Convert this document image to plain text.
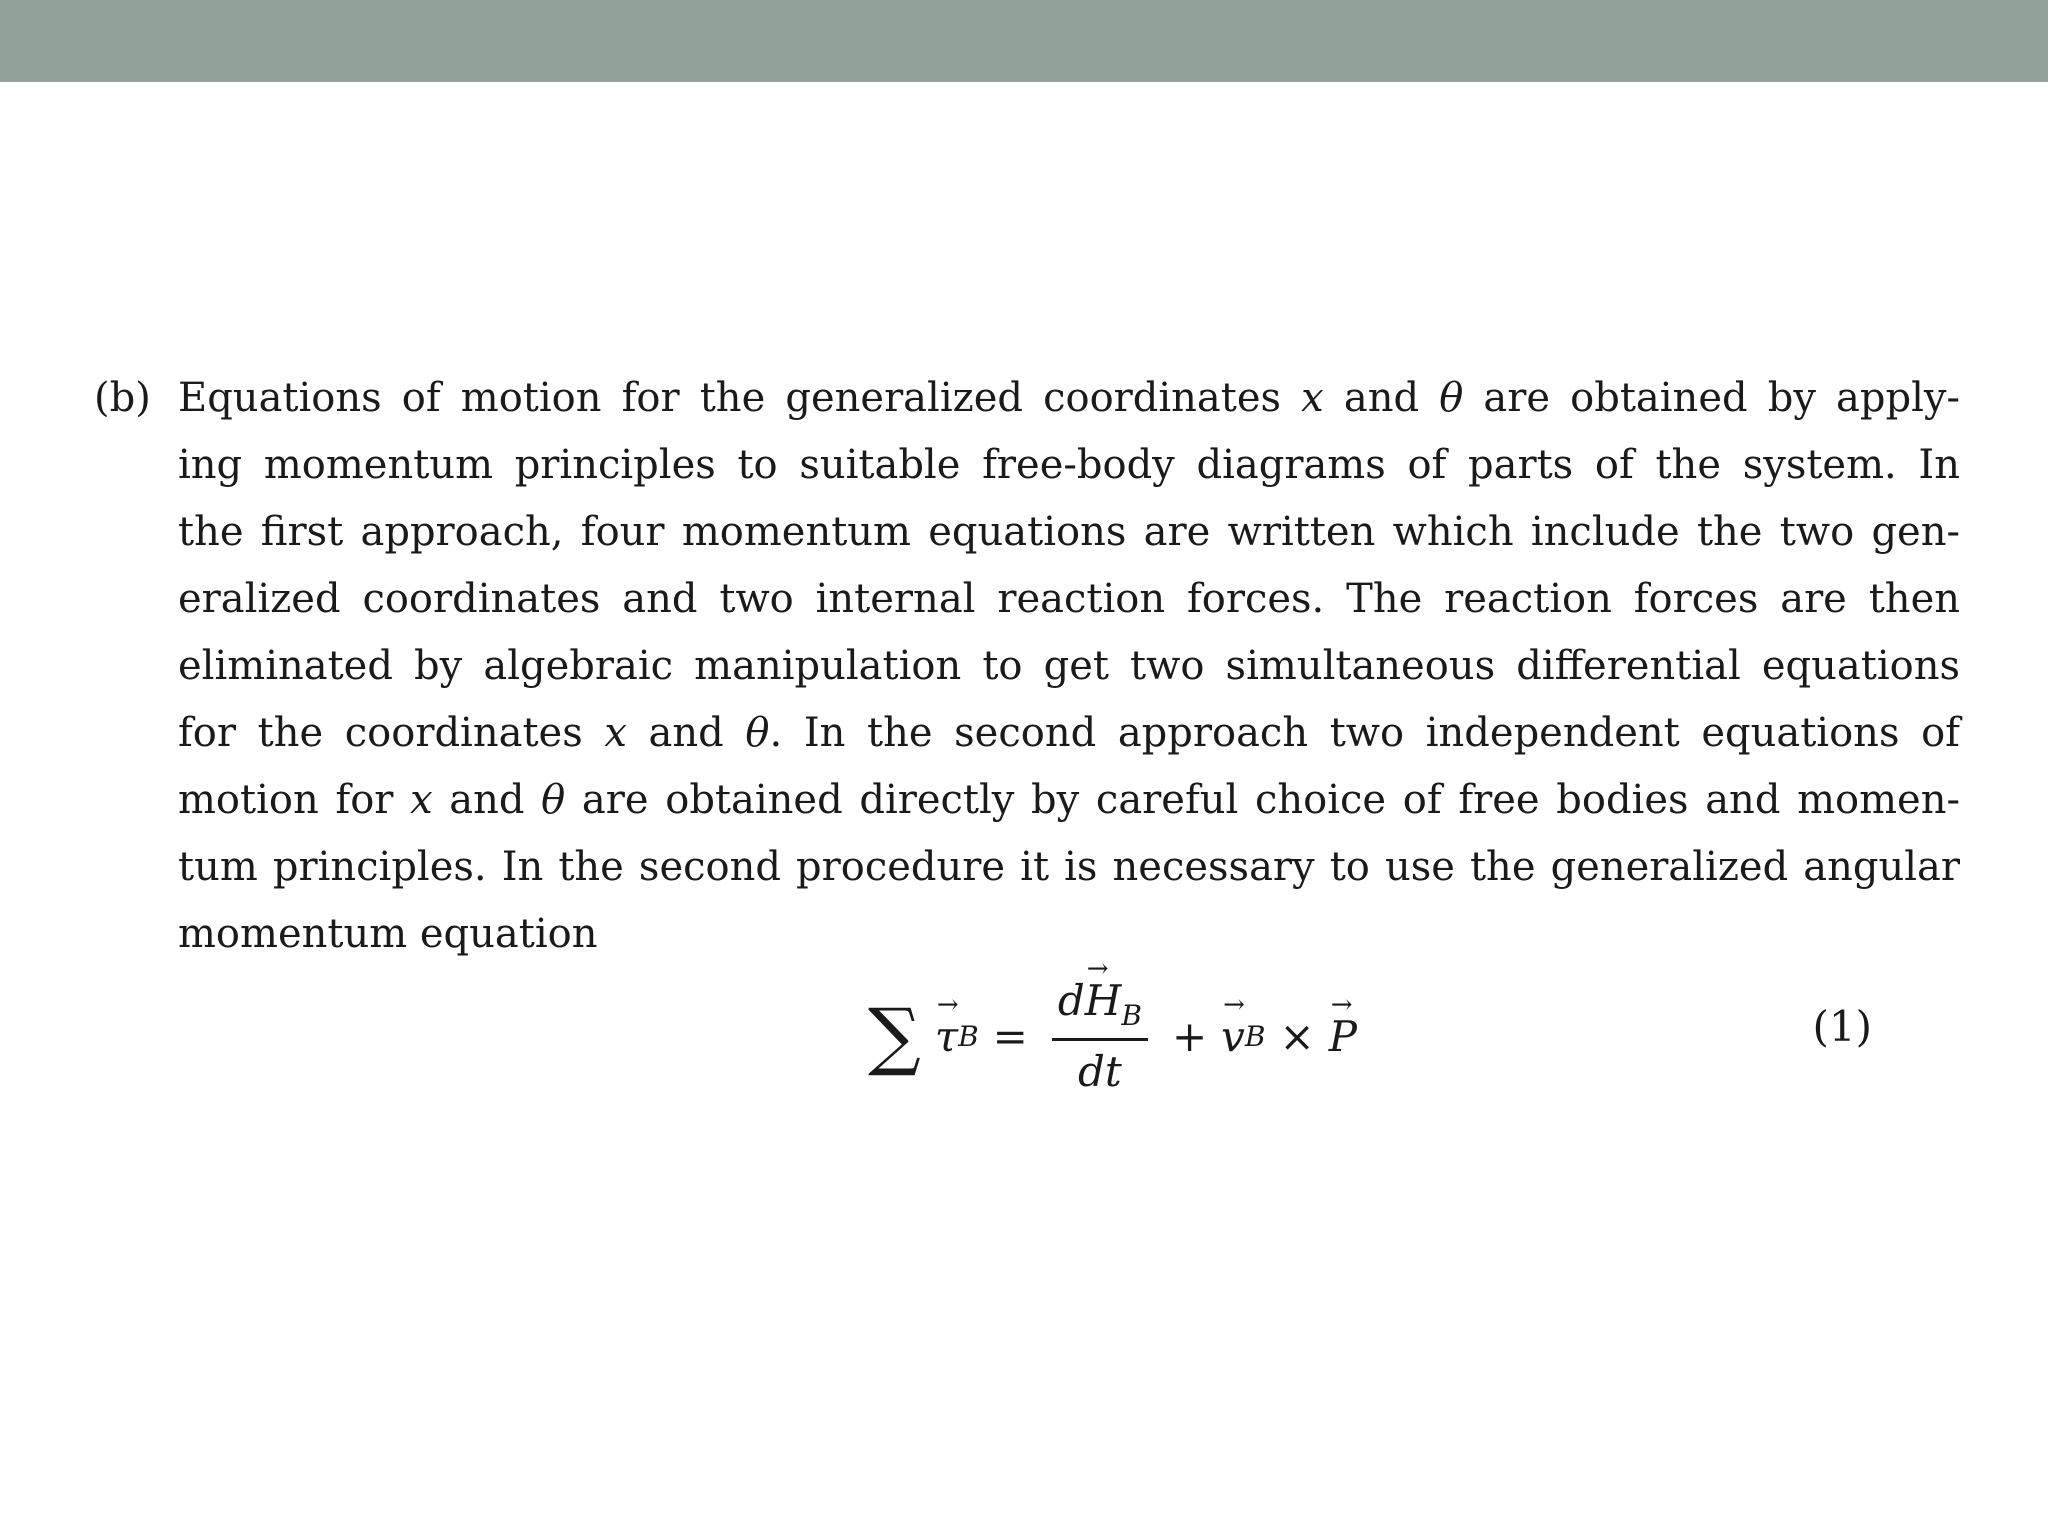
(b) Equations of motion for the generalized coordinates x and θ are obtained by apply-
ing momentum principles to suitable free-body diagrams of parts of the system. In
the first approach, four momentum equations are written which include the two gen-
eralized coordinates and two internal reaction forces. The reaction forces are then
eliminated by algebraic manipulation to get two simultaneous differential equations
for the coordinates x and θ. In the second approach two independent equations of
motion for x and θ are obtained directly by careful choice of free bodies and momen-
tum principles. In the second procedure it is necessary to use the generalized angular
momentum equation
∑ → τ $B = \frac{d\to H_B}{dt}$ + → v B × → P	(1)
